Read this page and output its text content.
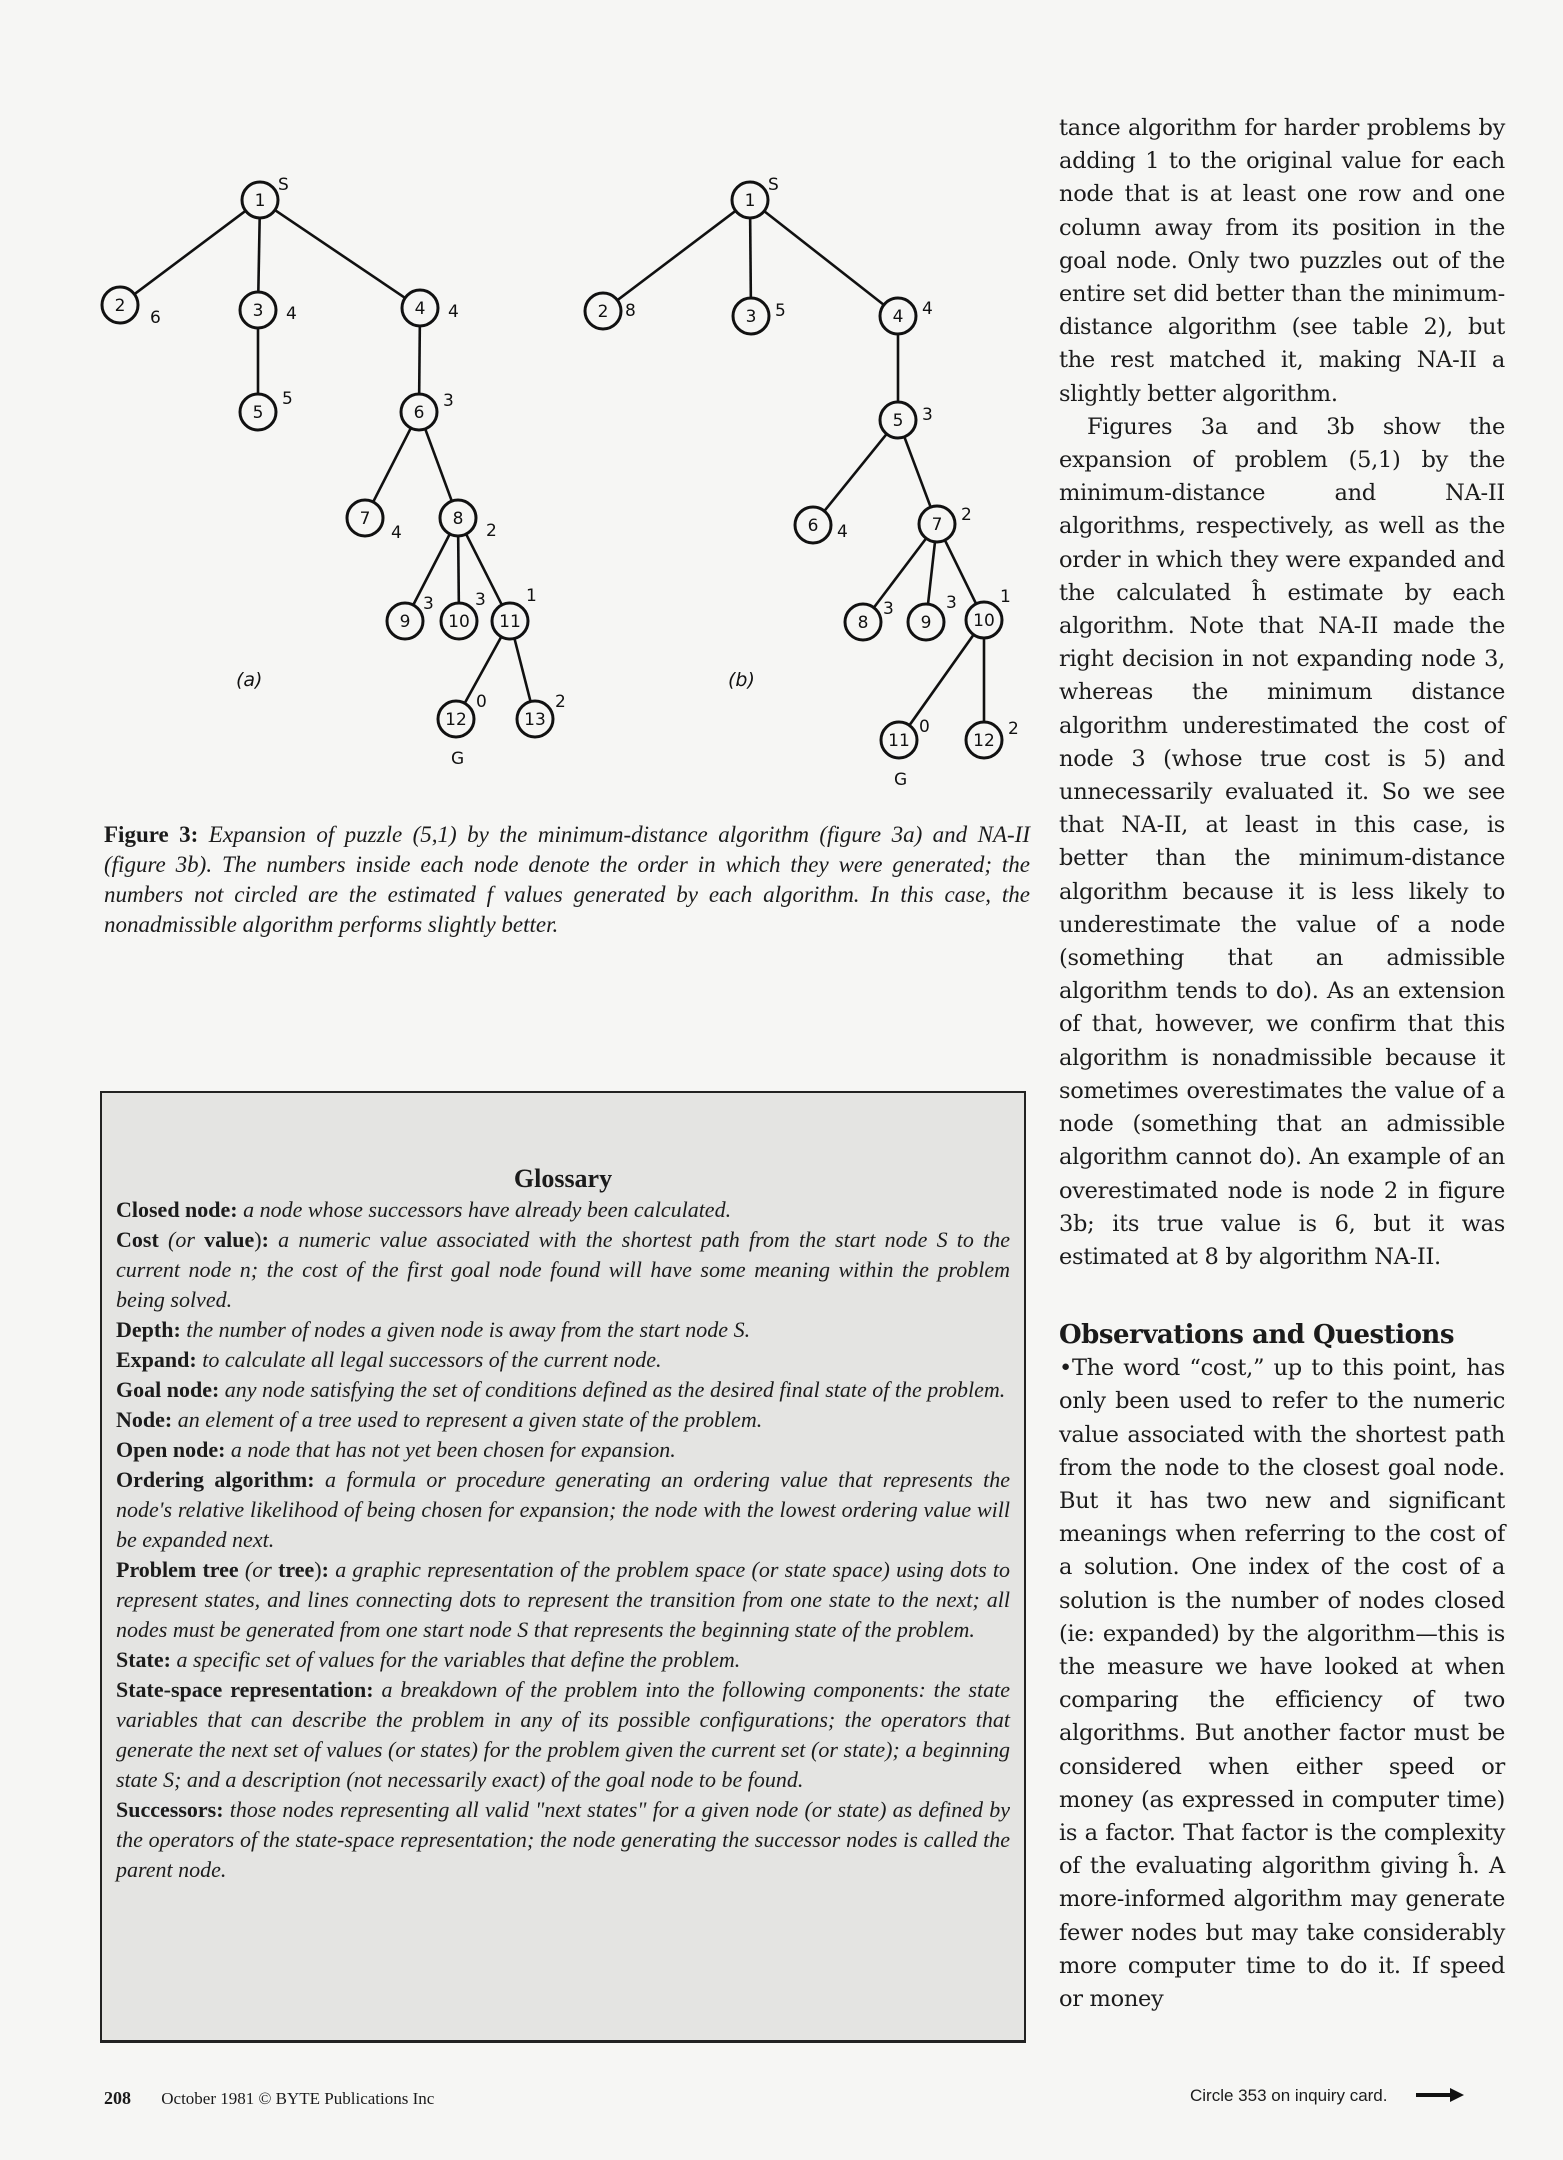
1
S
2
6	3 4	4 4
5
5
6
3
7
4
8
2
9
3
10
3
11
1
12
0
G
13
2
1
S
2 8	3 5	4 4
5 3
6 4	7 2
8
3
9
3
10
1
11
0
G
12
2
(a)	(b)
Figure 3: Expansion of puzzle (5,1) by the minimum-distance algorithm (figure 3a) and NA-II (figure 3b). The numbers inside each node denote the order in which they were generated; the numbers not circled are the estimated f values generated by each algorithm. In this case, the nonadmissible algorithm performs slightly better.
Glossary
Closed node: a node whose successors have already been calculated.
Cost (or value): a numeric value associated with the shortest path from the start node S to the current node n; the cost of the first goal node found will have some meaning within the problem being solved.
Depth: the number of nodes a given node is away from the start node S.
Expand: to calculate all legal successors of the current node.
Goal node: any node satisfying the set of conditions defined as the desired final state of the problem.
Node: an element of a tree used to represent a given state of the problem.
Open node: a node that has not yet been chosen for expansion.
Ordering algorithm: a formula or procedure generating an ordering value that represents the node's relative likelihood of being chosen for expansion; the node with the lowest ordering value will be expanded next.
Problem tree (or tree): a graphic representation of the problem space (or state space) using dots to represent states, and lines connecting dots to represent the transition from one state to the next; all nodes must be generated from one start node S that represents the beginning state of the problem.
State: a specific set of values for the variables that define the problem.
State-space representation: a breakdown of the problem into the following components: the state variables that can describe the problem in any of its possible configurations; the operators that generate the next set of values (or states) for the problem given the current set (or state); a beginning state S; and a description (not necessarily exact) of the goal node to be found.
Successors: those nodes representing all valid "next states" for a given node (or state) as defined by the operators of the state-space representation; the node generating the successor nodes is called the parent node.

tance algorithm for harder problems by adding 1 to the original value for each node that is at least one row and one column away from its position in the goal node. Only two puzzles out of the entire set did better than the minimum-distance algorithm (see table 2), but the rest matched it, making NA-II a slightly better algorithm.

Figures 3a and 3b show the expansion of problem (5,1) by the minimum-distance and NA-II algorithms, respectively, as well as the order in which they were expanded and the calculated ĥ estimate by each algorithm. Note that NA-II made the right decision in not expanding node 3, whereas the minimum distance algorithm underestimated the cost of node 3 (whose true cost is 5) and unnecessarily evaluated it. So we see that NA-II, at least in this case, is better than the minimum-distance algorithm because it is less likely to underestimate the value of a node (something that an admissible algorithm tends to do). As an extension of that, however, we confirm that this algorithm is nonadmissible because it sometimes overestimates the value of a node (something that an admissible algorithm cannot do). An example of an overestimated node is node 2 in figure 3b; its true value is 6, but it was estimated at 8 by algorithm NA-II.

Observations and Questions

•The word “cost,” up to this point, has only been used to refer to the numeric value associated with the shortest path from the node to the closest goal node. But it has two new and significant meanings when referring to the cost of a solution. One index of the cost of a solution is the number of nodes closed (ie: expanded) by the algorithm—this is the measure we have looked at when comparing the efficiency of two algorithms. But another factor must be considered when either speed or money (as expressed in computer time) is a factor. That factor is the complexity of the evaluating algorithm giving ĥ. A more-informed algorithm may generate fewer nodes but may take considerably more computer time to do it. If speed or money

208 October 1981 © BYTE Publications Inc	Circle 353 on inquiry card.
